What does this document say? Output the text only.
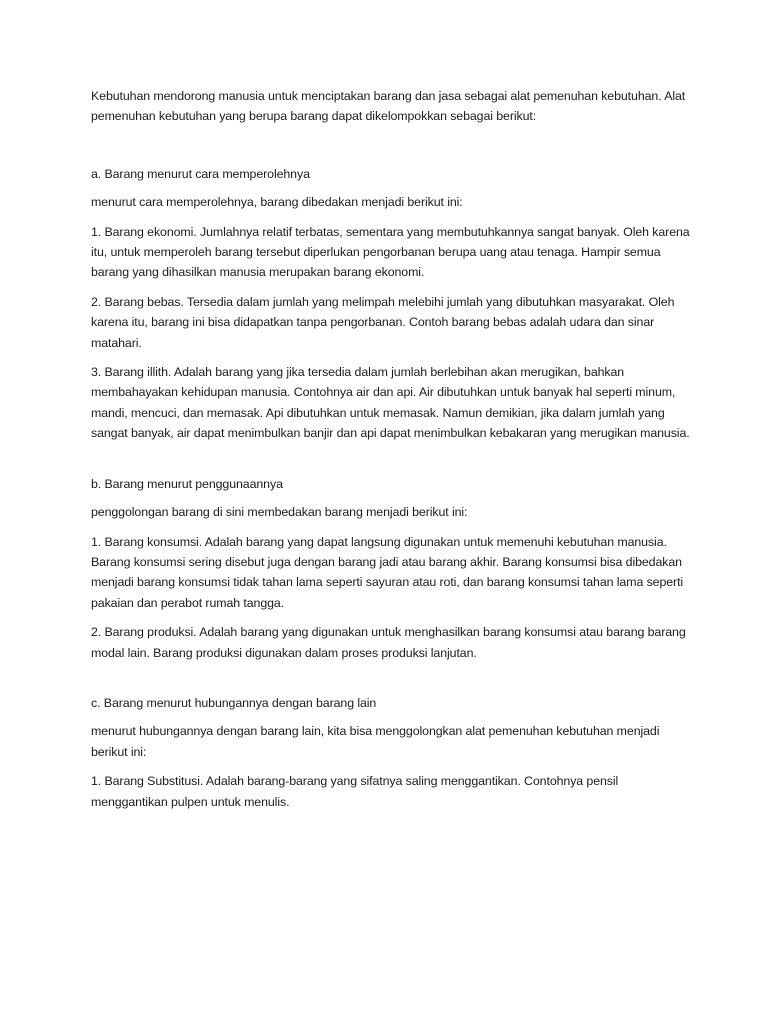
Kebutuhan mendorong manusia untuk menciptakan barang dan jasa sebagai alat pemenuhan kebutuhan. Alat pemenuhan kebutuhan yang berupa barang dapat dikelompokkan sebagai berikut:

a. Barang menurut cara memperolehnya

menurut cara memperolehnya, barang dibedakan menjadi berikut ini:

1. Barang ekonomi. Jumlahnya relatif terbatas, sementara yang membutuhkannya sangat banyak. Oleh karena itu, untuk memperoleh barang tersebut diperlukan pengorbanan berupa uang atau tenaga. Hampir semua barang yang dihasilkan manusia merupakan barang ekonomi.

2. Barang bebas. Tersedia dalam jumlah yang melimpah melebihi jumlah yang dibutuhkan masyarakat. Oleh karena itu, barang ini bisa didapatkan tanpa pengorbanan. Contoh barang bebas adalah udara dan sinar matahari.

3. Barang illith. Adalah barang yang jika tersedia dalam jumlah berlebihan akan merugikan, bahkan membahayakan kehidupan manusia. Contohnya air dan api. Air dibutuhkan untuk banyak hal seperti minum, mandi, mencuci, dan memasak. Api dibutuhkan untuk memasak. Namun demikian, jika dalam jumlah yang sangat banyak, air dapat menimbulkan banjir dan api dapat menimbulkan kebakaran yang merugikan manusia.

b. Barang menurut penggunaannya

penggolongan barang di sini membedakan barang menjadi berikut ini:

1. Barang konsumsi. Adalah barang yang dapat langsung digunakan untuk memenuhi kebutuhan manusia. Barang konsumsi sering disebut juga dengan barang jadi atau barang akhir. Barang konsumsi bisa dibedakan menjadi barang konsumsi tidak tahan lama seperti sayuran atau roti, dan barang konsumsi tahan lama seperti pakaian dan perabot rumah tangga.

2. Barang produksi. Adalah barang yang digunakan untuk menghasilkan barang konsumsi atau barang barang modal lain. Barang produksi digunakan dalam proses produksi lanjutan.

c. Barang menurut hubungannya dengan barang lain

menurut hubungannya dengan barang lain, kita bisa menggolongkan alat pemenuhan kebutuhan menjadi berikut ini:

1. Barang Substitusi. Adalah barang-barang yang sifatnya saling menggantikan. Contohnya pensil menggantikan pulpen untuk menulis.
